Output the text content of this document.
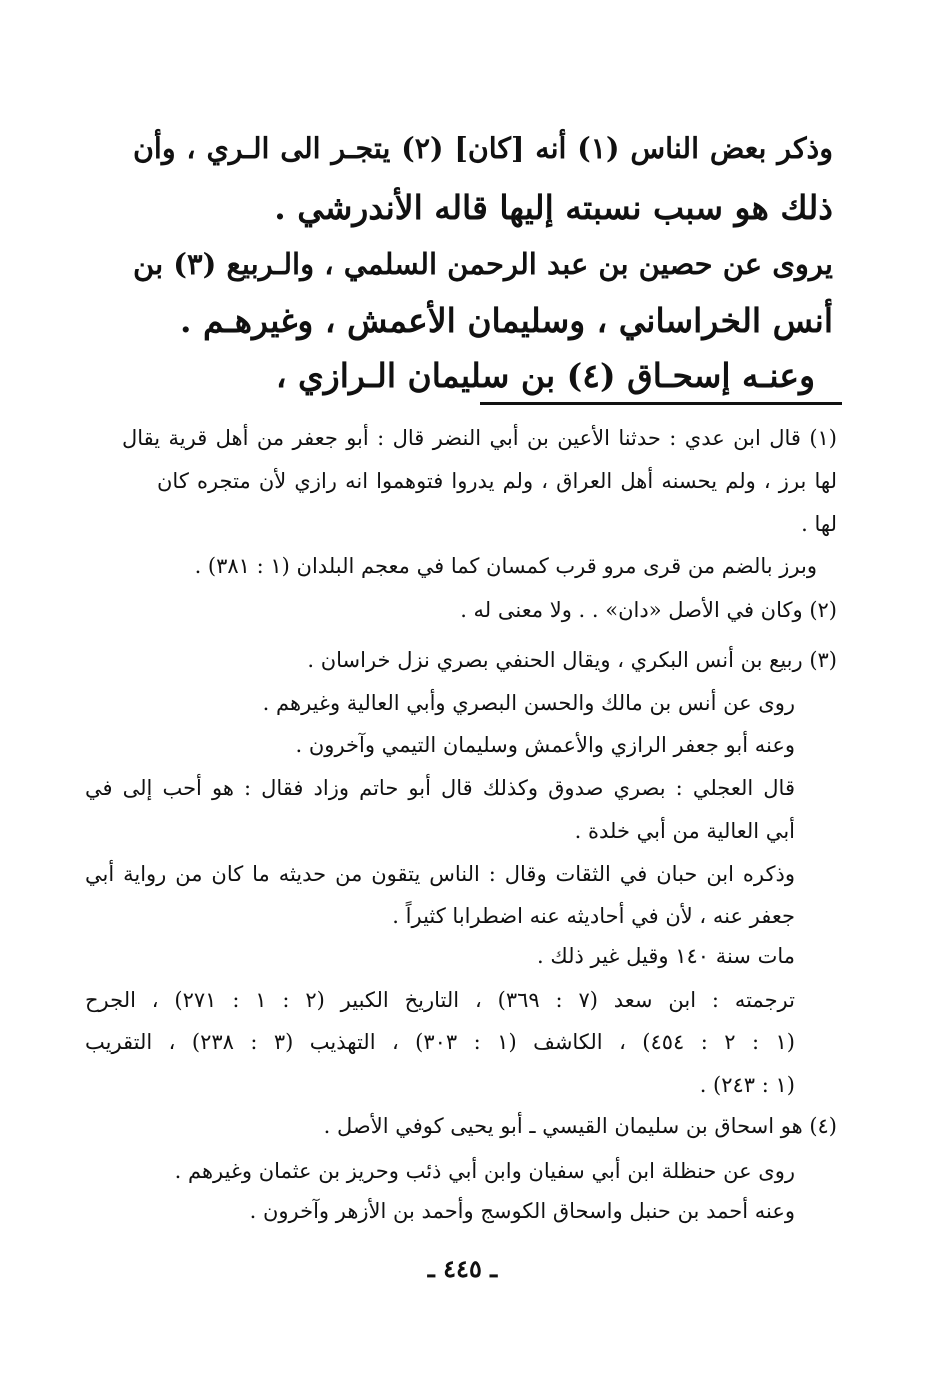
وذكر بعض الناس (١) أنه [كان] (٢) يتجـر الى الـري ، وأن
ذلك هو سبب نسبته إليها قاله الأندرشي .
يروى عن حصين بن عبد الرحمن السلمي ، والـربيع (٣) بن
أنس الخراساني ، وسليمان الأعمش ، وغيرهـم .
وعنـه إسحـاق (٤) بن سليمان الـرازي ،
(١) قال ابن عدي : حدثنا الأعين بن أبي النضر قال : أبو جعفر من أهل قرية يقال
لها برز ، ولم يحسنه أهل العراق ، ولم يدروا فتوهموا انه رازي لأن متجره كان
لها .
وبرز بالضم من قرى مرو قرب كمسان كما في معجم البلدان (١ : ٣٨١) .
(٢) وكان في الأصل «دان» . . ولا معنى له .
(٣) ربيع بن أنس البكري ، ويقال الحنفي بصري نزل خراسان .
روى عن أنس بن مالك والحسن البصري وأبي العالية وغيرهم .
وعنه أبو جعفر الرازي والأعمش وسليمان التيمي وآخرون .
قال العجلي : بصري صدوق وكذلك قال أبو حاتم وزاد فقال : هو أحب إلى في
أبي العالية من أبي خلدة .
وذكره ابن حبان في الثقات وقال : الناس يتقون من حديثه ما كان من رواية أبي
جعفر عنه ، لأن في أحاديثه عنه اضطرابا كثيراً .
مات سنة ١٤٠ وقيل غير ذلك .
ترجمته : ابن سعد (٧ : ٣٦٩) ، التاريخ الكبير (٢ : ١ : ٢٧١) ، الجرح
(١ : ٢ : ٤٥٤) ، الكاشف (١ : ٣٠٣) ، التهذيب (٣ : ٢٣٨) ، التقريب
(١ : ٢٤٣) .
(٤) هو اسحاق بن سليمان القيسي ـ أبو يحيى كوفي الأصل .
روى عن حنظلة ابن أبي سفيان وابن أبي ذئب وحريز بن عثمان وغيرهم .
وعنه أحمد بن حنبل واسحاق الكوسج وأحمد بن الأزهر وآخرون .
ـ ٤٤٥ ـ
